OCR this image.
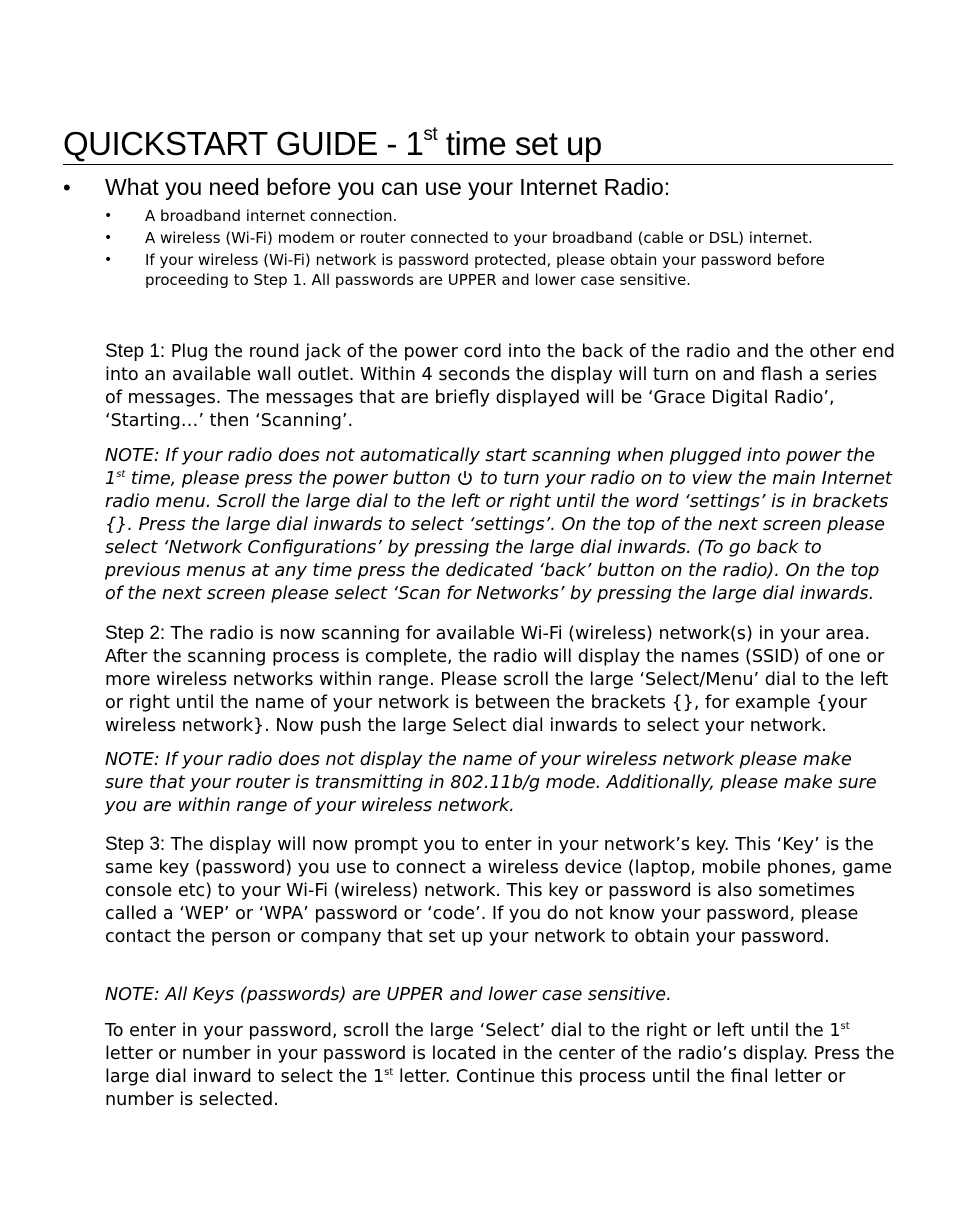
QUICKSTART GUIDE - 1st time set up
• What you need before you can use your Internet Radio:
• A broadband internet connection.
• A wireless (Wi-Fi) modem or router connected to your broadband (cable or DSL) internet.
• If your wireless (Wi-Fi) network is password protected, please obtain your password before proceeding to Step 1. All passwords are UPPER and lower case sensitive.
Step 1: Plug the round jack of the power cord into the back of the radio and the other end into an available wall outlet. Within 4 seconds the display will turn on and flash a series of messages. The messages that are briefly displayed will be ‘Grace Digital Radio’, ‘Starting…’ then ‘Scanning’.
NOTE: If your radio does not automatically start scanning when plugged into power the 1st time, please press the power button  to turn your radio on to view the main Internet radio menu. Scroll the large dial to the left or right until the word ‘settings’ is in brackets {}. Press the large dial inwards to select ‘settings’. On the top of the next screen please select ‘Network Configurations’ by pressing the large dial inwards. (To go back to previous menus at any time press the dedicated ‘back’ button on the radio). On the top of the next screen please select ‘Scan for Networks’ by pressing the large dial inwards.
Step 2: The radio is now scanning for available Wi-Fi (wireless) network(s) in your area. After the scanning process is complete, the radio will display the names (SSID) of one or more wireless networks within range. Please scroll the large ‘Select/Menu’ dial to the left or right until the name of your network is between the brackets {}, for example {your wireless network}. Now push the large Select dial inwards to select your network.
NOTE: If your radio does not display the name of your wireless network please make sure that your router is transmitting in 802.11b/g mode. Additionally, please make sure you are within range of your wireless network.
Step 3: The display will now prompt you to enter in your network’s key. This ‘Key’ is the same key (password) you use to connect a wireless device (laptop, mobile phones, game console etc) to your Wi-Fi (wireless) network. This key or password is also sometimes called a ‘WEP’ or ‘WPA’ password or ‘code’. If you do not know your password, please contact the person or company that set up your network to obtain your password.
NOTE: All Keys (passwords) are UPPER and lower case sensitive.
To enter in your password, scroll the large ‘Select’ dial to the right or left until the 1st letter or number in your password is located in the center of the radio’s display. Press the large dial inward to select the 1st letter. Continue this process until the final letter or number is selected.
